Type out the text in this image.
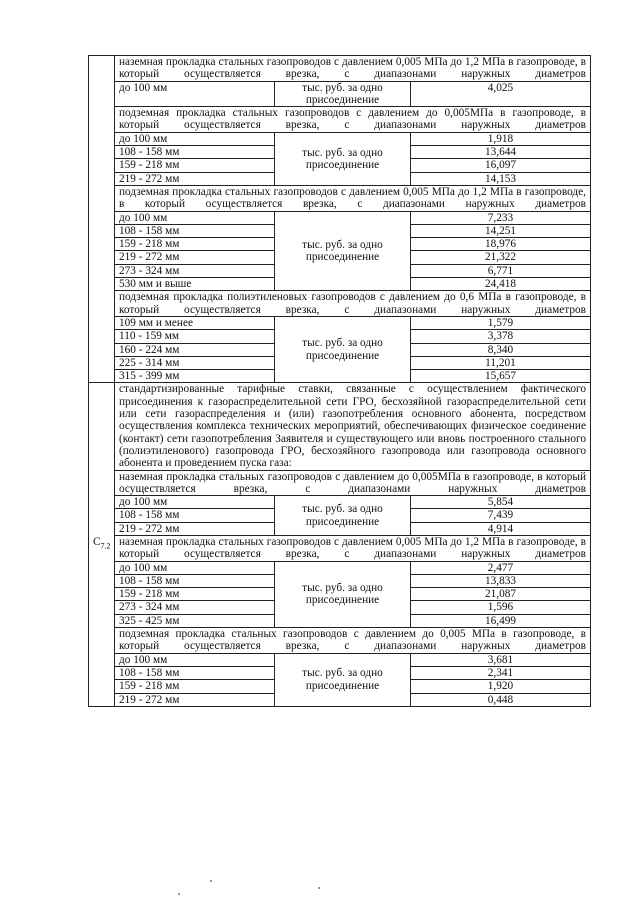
	наземная прокладка стальных газопроводов с давлением 0,005 МПа до 1,2 МПа в газопроводе, в который осуществляется врезка, с диапазонами наружных диаметров		
	до 100 мм	тыс. руб. за одно присоединение	4,025
	подземная прокладка стальных газопроводов с давлением до 0,005МПа в газопроводе, в который осуществляется врезка, с диапазонами наружных диаметров		
	до 100 мм	тыс. руб. за одно присоединение	1,918
	108 - 158 мм		13,644
	159 - 218 мм		16,097
	219 - 272 мм		14,153
	подземная прокладка стальных газопроводов с давлением 0,005 МПа до 1,2 МПа в газопроводе, в который осуществляется врезка, с диапазонами наружных диаметров		
	до 100 мм	тыс. руб. за одно присоединение	7,233
	108 - 158 мм		14,251
	159 - 218 мм		18,976
	219 - 272 мм		21,322
	273 - 324 мм		6,771
	530 мм и выше		24,418
	подземная прокладка полиэтиленовых газопроводов с давлением до 0,6 МПа в газопроводе, в который осуществляется врезка, с диапазонами наружных диаметров		
	109 мм и менее	тыс. руб. за одно присоединение	1,579
	110 - 159 мм		3,378
	160 - 224 мм		8,340
	225 - 314 мм		11,201
	315 - 399 мм		15,657
$C_{7.2}$	стандартизированные тарифные ставки, связанные с осуществлением фактического присоединения к газораспределительной сети ГРО, бесхозяйной газораспределительной сети или сети газораспределения и (или) газопотребления основного абонента, посредством осуществления комплекса технических мероприятий, обеспечивающих физическое соединение (контакт) сети газопотребления Заявителя и существующего или вновь построенного стального (полиэтиленового) газопровода ГРО, бесхозяйного газопровода или газопровода основного абонента и проведением пуска газа:		
	наземная прокладка стальных газопроводов с давлением до 0,005МПа в газопроводе, в который осуществляется врезка, с диапазонами наружных диаметров		
	до 100 мм	тыс. руб. за одно присоединение	5,854
	108 - 158 мм		7,439
	219 - 272 мм		4,914
	наземная прокладка стальных газопроводов с давлением 0,005 МПа до 1,2 МПа в газопроводе, в который осуществляется врезка, с диапазонами наружных диаметров		
	до 100 мм	тыс. руб. за одно присоединение	2,477
	108 - 158 мм		13,833
	159 - 218 мм		21,087
	273 - 324 мм		1,596
	325 - 425 мм		16,499
	подземная прокладка стальных газопроводов с давлением до 0,005 МПа в газопроводе, в который осуществляется врезка, с диапазонами наружных диаметров		
	до 100 мм	тыс. руб. за одно присоединение	3,681
	108 - 158 мм		2,341
	159 - 218 мм		1,920
	219 - 272 мм		0,448
